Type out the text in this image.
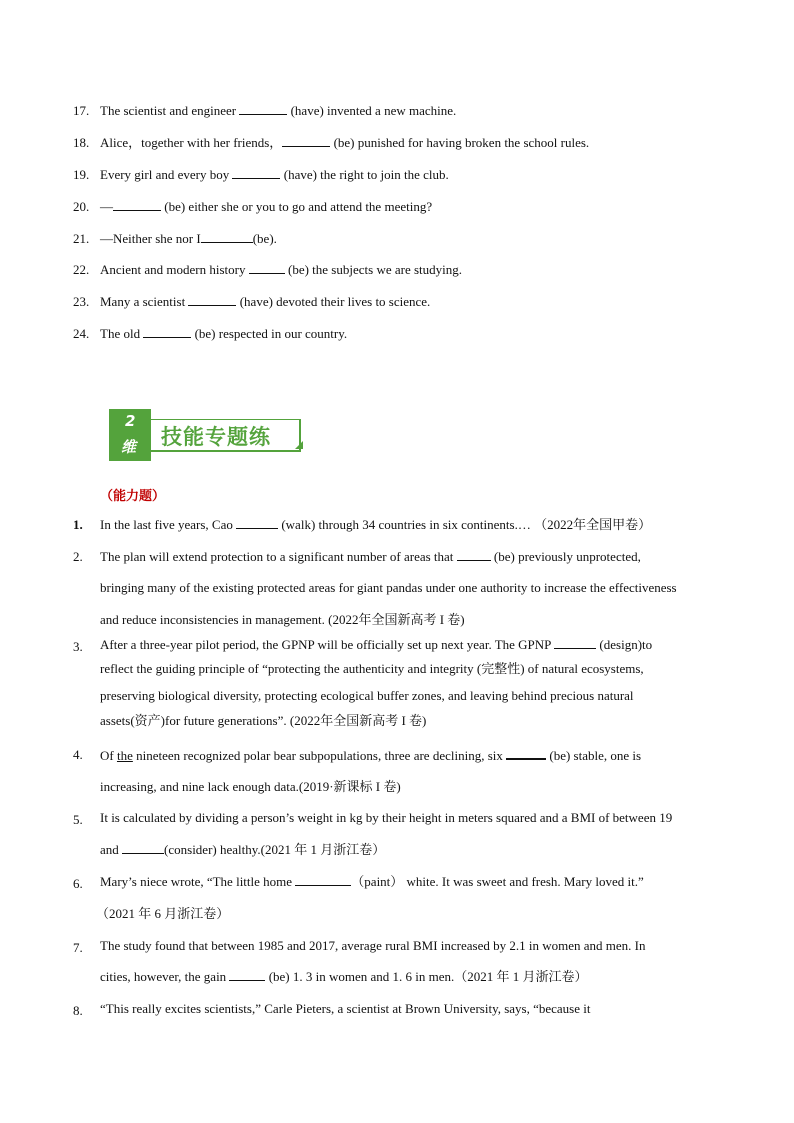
17. The scientist and engineer	(have) invented a new machine.
18. Alice，together with her friends，	(be) punished for having broken the school rules.
19. Every girl and every boy	(have) the right to join the club.
20. —	(be) either she or you to go and attend the meeting?
21. —Neither she nor I	(be).
22. Ancient and modern history	(be) the subjects we are studying.
23. Many a scientist	(have) devoted their lives to science.
24. The old	(be) respected in our country.
2
维 技能专题练
（能力题）
1. In the last five years, Cao	(walk) through 34 countries in six continents.… （2022年全国甲卷）
2. The plan will extend protection to a significant number of areas that	(be) previously unprotected,
bringing many of the existing protected areas for giant pandas under one authority to increase the effectiveness
and reduce inconsistencies in management. (2022年全国新高考 I 卷)
3. After a three-year pilot period, the GPNP will be officially set up next year. The GPNP	(design)to
reflect the guiding principle of “protecting the authenticity and integrity (完整性) of natural ecosystems,
preserving biological diversity, protecting ecological buffer zones, and leaving behind precious natural
assets(资产)for future generations”. (2022年全国新高考 I 卷)
4. Of the nineteen recognized polar bear subpopulations, three are declining, six	(be) stable, one is
increasing, and nine lack enough data.(2019·新课标 I 卷)
5. It is calculated by dividing a person’s weight in kg by their height in meters squared and a BMI of between 19
and	(consider) healthy.(2021 年 1 月浙江卷）
6. Mary’s niece wrote, “The little home	（paint） white. It was sweet and fresh. Mary loved it.”
（2021 年 6 月浙江卷）
7. The study found that between 1985 and 2017, average rural BMI increased by 2.1 in women and men. In
cities, however, the gain	(be) 1. 3 in women and 1. 6 in men.（2021 年 1 月浙江卷）
8. “This really excites scientists,” Carle Pieters, a scientist at Brown University, says, “because it
